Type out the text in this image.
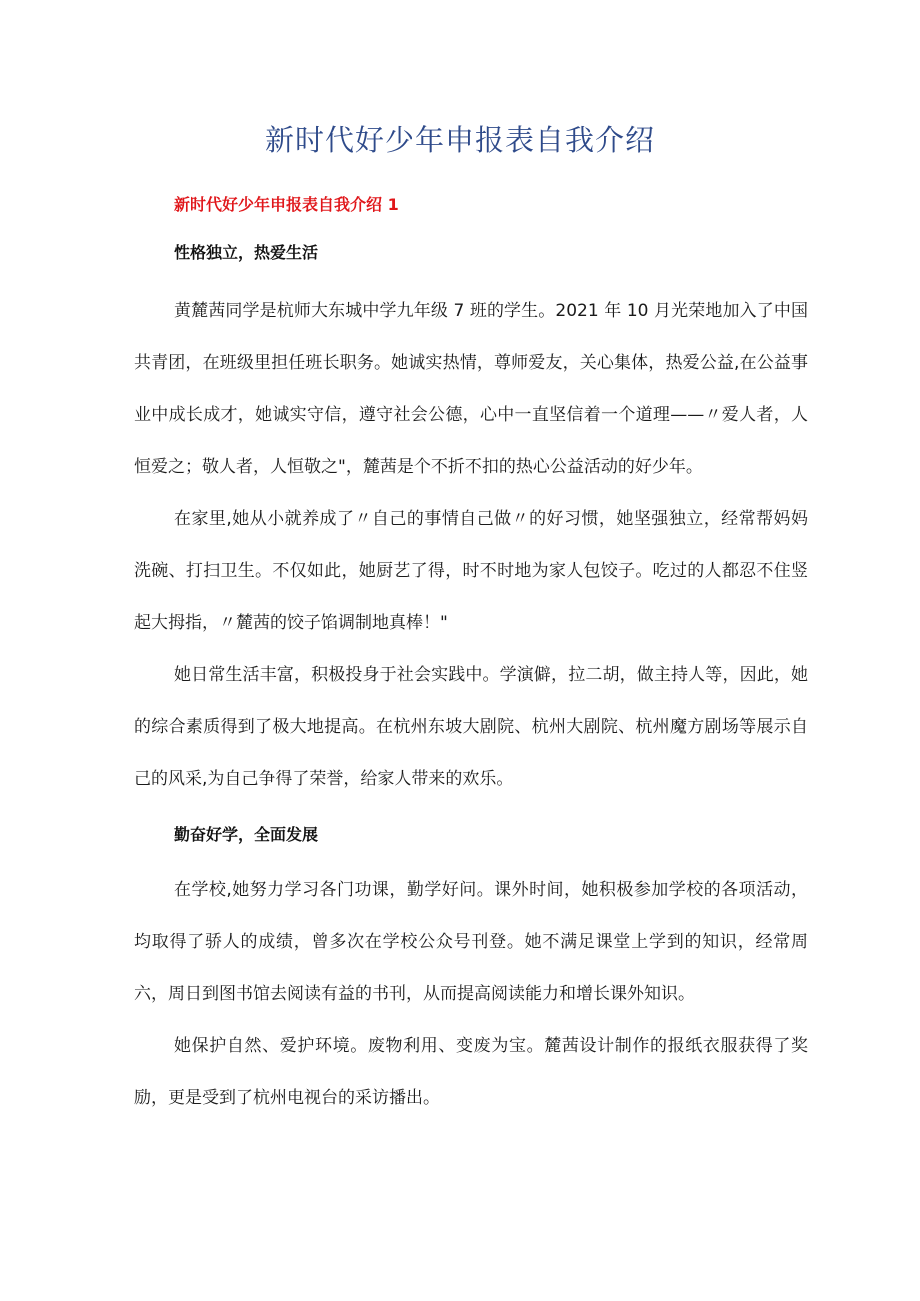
新时代好少年申报表自我介绍
新时代好少年申报表自我介绍 1
性格独立，热爱生活

黄麓茜同学是杭师大东城中学九年级 7 班的学生。2021 年 10 月光荣地加入了中国共青团，在班级里担任班长职务。她诚实热情，尊师爱友，关心集体，热爱公益,在公益事业中成长成才，她诚实守信，遵守社会公德，心中一直坚信着一个道理——〃爱人者，人恒爱之；敬人者，人恒敬之"，麓茜是个不折不扣的热心公益活动的好少年。

在家里,她从小就养成了〃自己的事情自己做〃的好习惯，她坚强独立，经常帮妈妈洗碗、打扫卫生。不仅如此，她厨艺了得，时不时地为家人包饺子。吃过的人都忍不住竖起大拇指，〃麓茜的饺子馅调制地真棒！"

她日常生活丰富，积极投身于社会实践中。学演僻，拉二胡，做主持人等，因此，她的综合素质得到了极大地提高。在杭州东坡大剧院、杭州大剧院、杭州魔方剧场等展示自己的风采,为自己争得了荣誉，给家人带来的欢乐。

勤奋好学，全面发展

在学校,她努力学习各门功课，勤学好问。课外时间，她积极参加学校的各项活动，均取得了骄人的成绩，曾多次在学校公众号刊登。她不满足课堂上学到的知识，经常周六，周日到图书馆去阅读有益的书刊，从而提高阅读能力和增长课外知识。

她保护自然、爱护环境。废物利用、变废为宝。麓茜设计制作的报纸衣服获得了奖励，更是受到了杭州电视台的采访播出。
